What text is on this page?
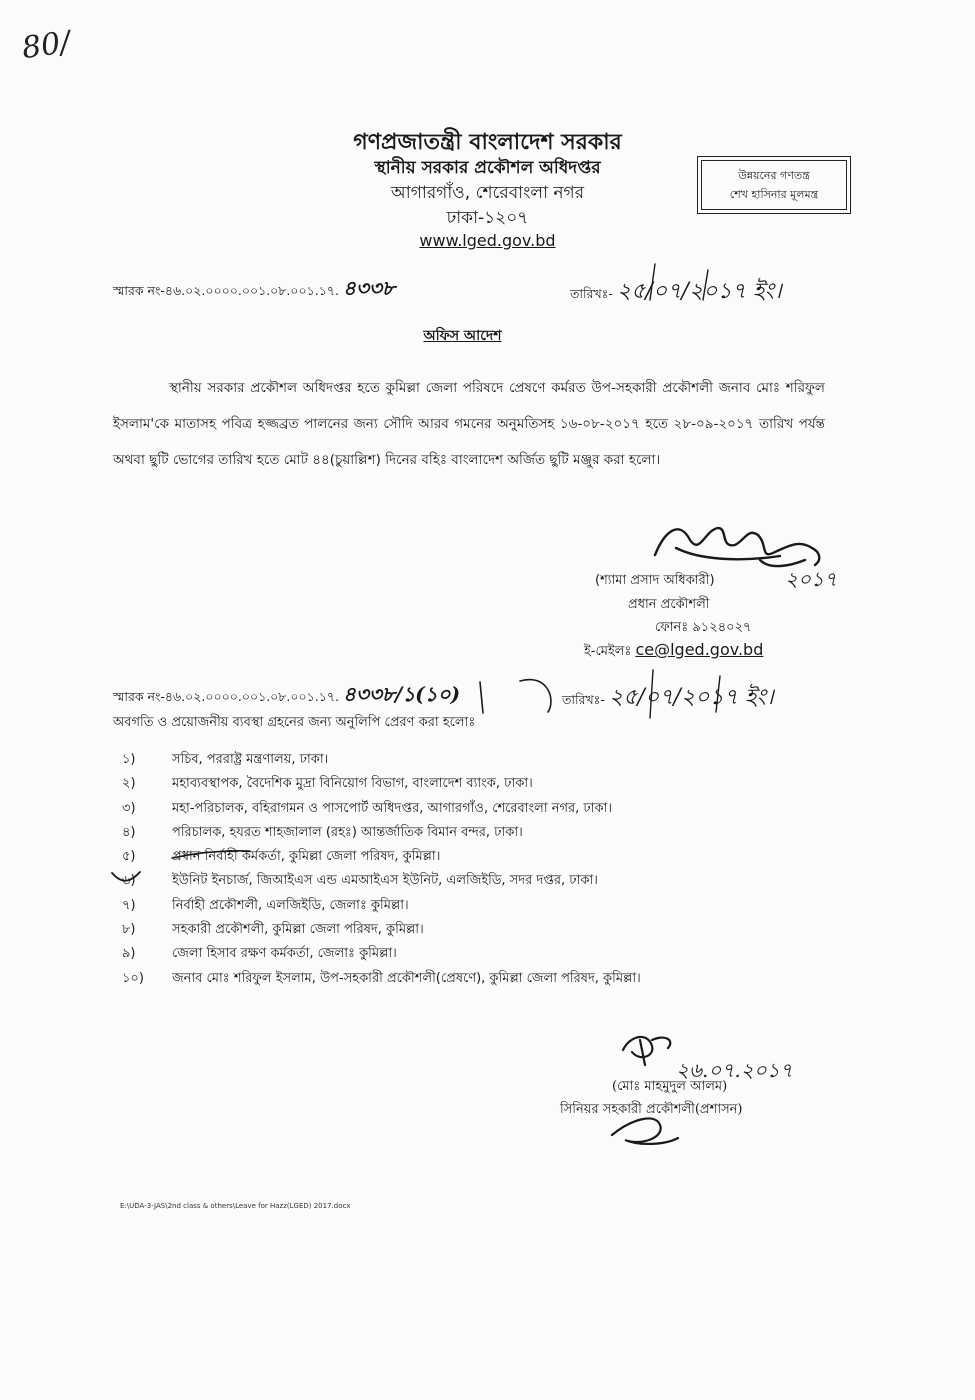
80/
গণপ্রজাতন্ত্রী বাংলাদেশ সরকার
স্থানীয় সরকার প্রকৌশল অধিদপ্তর
আগারগাঁও, শেরেবাংলা নগর
ঢাকা-১২০৭
www.lged.gov.bd
উন্নয়নের গণতন্ত্র
শেখ হাসিনার মূলমন্ত্র
স্মারক নং-৪৬.০২.০০০০.০০১.০৮.০০১.১৭. ৪৩৩৮	তারিখঃ- ২৫/০৭/২০১৭ ইং।
অফিস আদেশ
স্থানীয় সরকার প্রকৌশল অধিদপ্তর হতে কুমিল্লা জেলা পরিষদে প্রেষণে কর্মরত উপ-সহকারী প্রকৌশলী জনাব মোঃ শরিফুল ইসলাম'কে মাতাসহ পবিত্র হজ্জব্রত পালনের জন্য সৌদি আরব গমনের অনুমতিসহ ১৬-০৮-২০১৭ হতে ২৮-০৯-২০১৭ তারিখ পর্যন্ত অথবা ছুটি ভোগের তারিখ হতে মোট ৪৪(চুয়াল্লিশ) দিনের বহিঃ বাংলাদেশ অর্জিত ছুটি মঞ্জুর করা হলো।
২০১৭
(শ্যামা প্রসাদ অধিকারী)
প্রধান প্রকৌশলী
ফোনঃ ৯১২৪০২৭
ই-মেইলঃ ce@lged.gov.bd
স্মারক নং-৪৬.০২.০০০০.০০১.০৮.০০১.১৭. ৪৩৩৮/১(১০)	তারিখঃ- ২৫/০৭/২০১৭ ইং।
অবগতি ও প্রয়োজনীয় ব্যবস্থা গ্রহনের জন্য অনুলিপি প্রেরণ করা হলোঃ
১)	সচিব, পররাষ্ট্র মন্ত্রণালয়, ঢাকা।
২)	মহাব্যবস্থাপক, বৈদেশিক মুদ্রা বিনিয়োগ বিভাগ, বাংলাদেশ ব্যাংক, ঢাকা।
৩)	মহা-পরিচালক, বহিরাগমন ও পাসপোর্ট অধিদপ্তর, আগারগাঁও, শেরেবাংলা নগর, ঢাকা।
৪)	পরিচালক, হযরত শাহজালাল (রহঃ) আন্তর্জাতিক বিমান বন্দর, ঢাকা।
৫)	প্রধান নির্বাহী কর্মকর্তা, কুমিল্লা জেলা পরিষদ, কুমিল্লা।
৬)	ইউনিট ইনচার্জ, জিআইএস এন্ড এমআইএস ইউনিট, এলজিইডি, সদর দপ্তর, ঢাকা।
৭)	নির্বাহী প্রকৌশলী, এলজিইডি, জেলাঃ কুমিল্লা।
৮)	সহকারী প্রকৌশলী, কুমিল্লা জেলা পরিষদ, কুমিল্লা।
৯)	জেলা হিসাব রক্ষণ কর্মকর্তা, জেলাঃ কুমিল্লা।
১০)	জনাব মোঃ শরিফুল ইসলাম, উপ-সহকারী প্রকৌশলী(প্রেষণে), কুমিল্লা জেলা পরিষদ, কুমিল্লা।
২৬.০৭.২০১৭
(মোঃ মাহমুদুল আলম)
সিনিয়র সহকারী প্রকৌশলী(প্রশাসন)
E:\UDA-3-JAS\2nd class & others\Leave for Hazz(LGED) 2017.docx
